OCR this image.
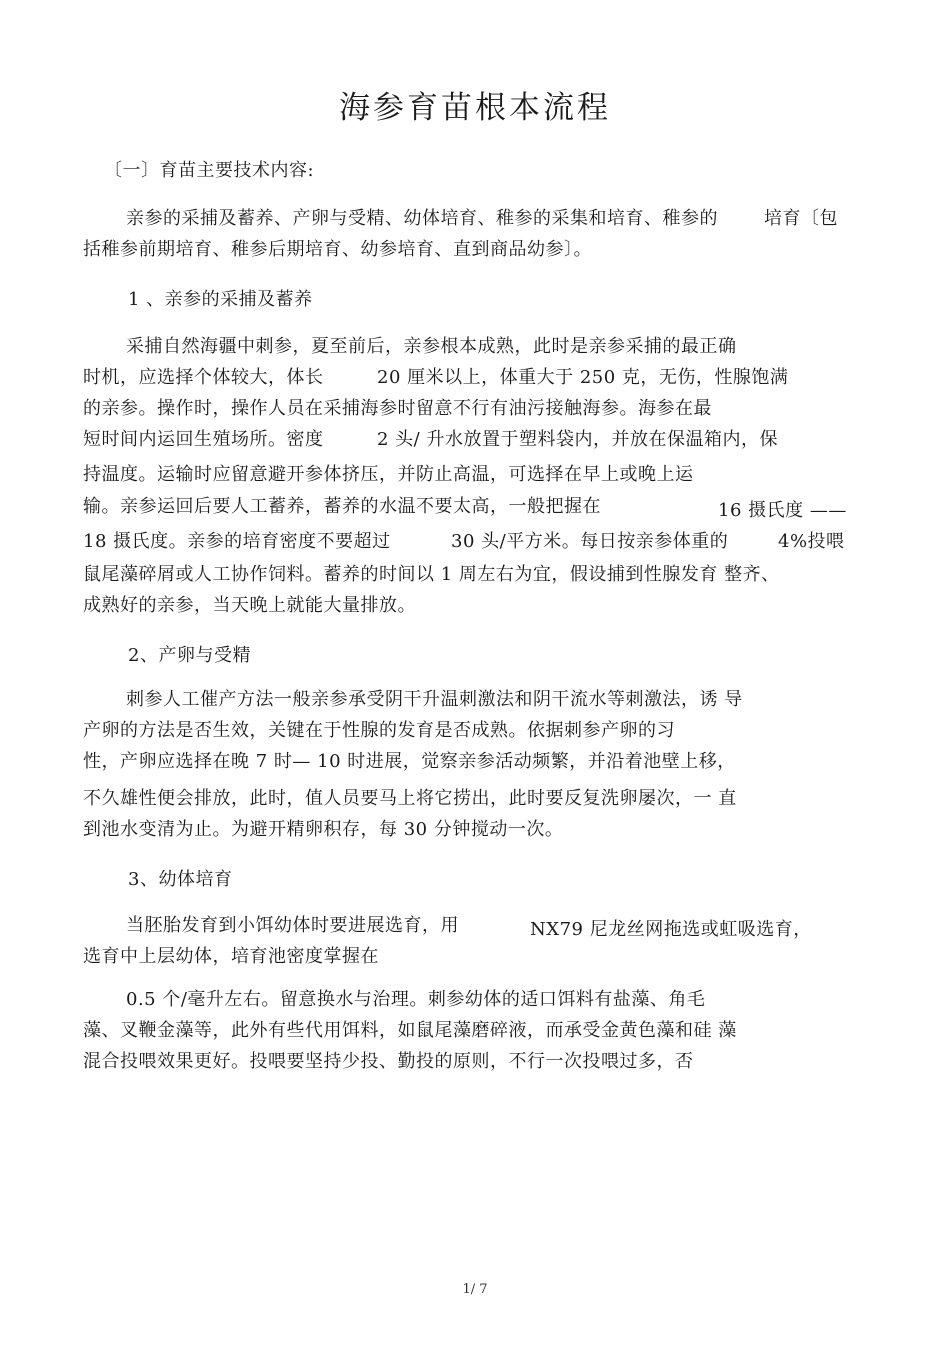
海参育苗根本流程
〔一〕育苗主要技术内容:
亲参的采捕及蓄养、产卵与受精、幼体培育、稚参的采集和培育、稚参的	培育〔包
括稚参前期培育、稚参后期培育、幼参培育、直到商品幼参〕。
1 、亲参的采捕及蓄养
采捕自然海疆中刺参，夏至前后，亲参根本成熟，此时是亲参采捕的最正确
时机，应选择个体较大，体长	20 厘米以上，体重大于 250 克，无伤，性腺饱满
的亲参。操作时，操作人员在采捕海参时留意不行有油污接触海参。海参在最
短时间内运回生殖场所。密度	2 头/ 升水放置于塑料袋内，并放在保温箱内，保
持温度。运输时应留意避开参体挤压，并防止高温，可选择在早上或晚上运
输。亲参运回后要人工蓄养，蓄养的水温不要太高，一般把握在	16 摄氏度 ——
18 摄氏度。亲参的培育密度不要超过	30 头/平方米。每日按亲参体重的	4%投喂
鼠尾藻碎屑或人工协作饲料。蓄养的时间以 1 周左右为宜，假设捕到性腺发育 整齐、
成熟好的亲参，当天晚上就能大量排放。
2、产卵与受精
刺参人工催产方法一般亲参承受阴干升温刺激法和阴干流水等刺激法，诱 导
产卵的方法是否生效，关键在于性腺的发育是否成熟。依据刺参产卵的习
性，产卵应选择在晚 7 时— 10 时进展，觉察亲参活动频繁，并沿着池壁上移，
不久雄性便会排放，此时，值人员要马上将它捞出，此时要反复洗卵屡次，一 直
到池水变清为止。为避开精卵积存，每 30 分钟搅动一次。
3、幼体培育
当胚胎发育到小饵幼体时要进展选育，用	NX79 尼龙丝网拖选或虹吸选育，
选育中上层幼体，培育池密度掌握在
0.5 个/毫升左右。留意换水与治理。刺参幼体的适口饵料有盐藻、角毛
藻、叉鞭金藻等，此外有些代用饵料，如鼠尾藻磨碎液，而承受金黄色藻和硅 藻
混合投喂效果更好。投喂要坚持少投、勤投的原则，不行一次投喂过多，否
1/ 7
